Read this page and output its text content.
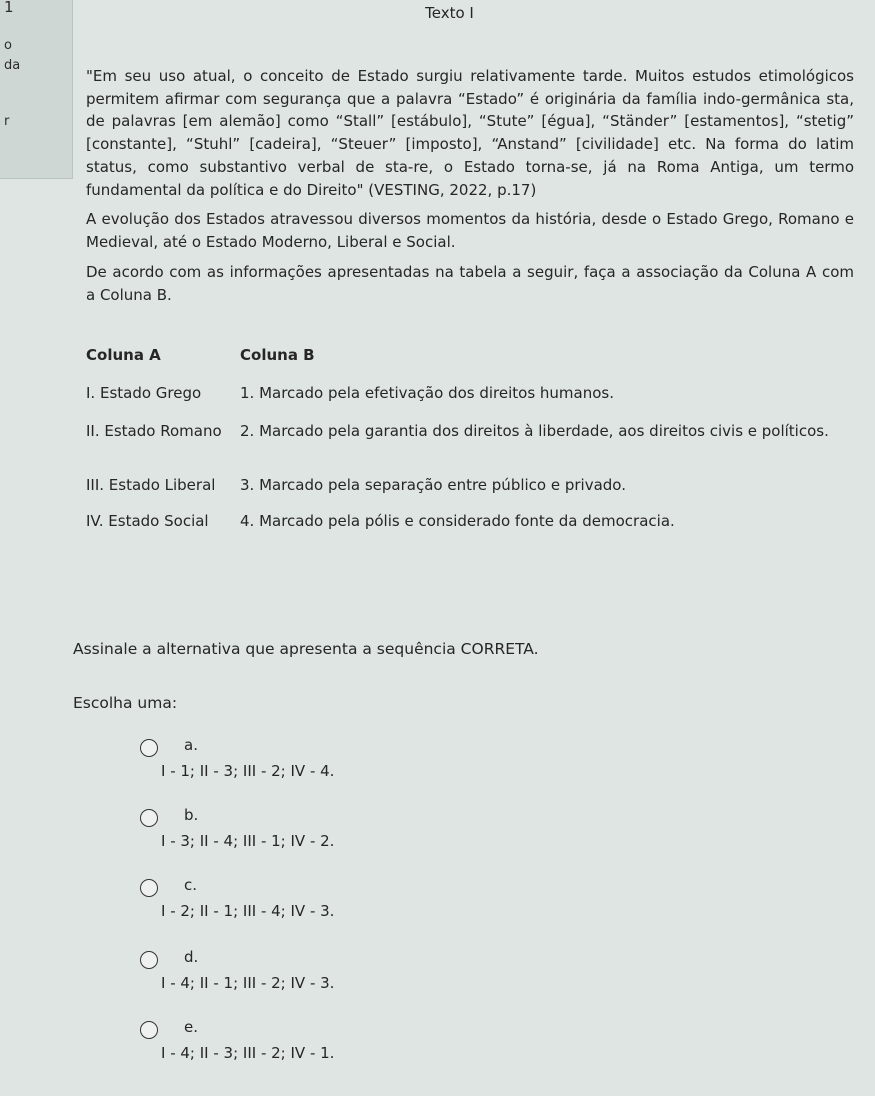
1
o
da
r
Texto I
"Em seu uso atual, o conceito de Estado surgiu relativamente tarde. Muitos estudos etimológicos permitem afirmar com segurança que a palavra “Estado” é originária da família indo-germânica sta, de palavras [em alemão] como “Stall” [estábulo], “Stute” [égua], “Ständer” [estamentos], “stetig” [constante], “Stuhl” [cadeira], “Steuer” [imposto], “Anstand” [civilidade] etc. Na forma do latim status, como substantivo verbal de sta-re, o Estado torna-se, já na Roma Antiga, um termo fundamental da política e do Direito" (VESTING, 2022, p.17)
A evolução dos Estados atravessou diversos momentos da história, desde o Estado Grego, Romano e Medieval, até o Estado Moderno, Liberal e Social.
De acordo com as informações apresentadas na tabela a seguir, faça a associação da Coluna A com a Coluna B.
Coluna A	Coluna B
I. Estado Grego	1. Marcado pela efetivação dos direitos humanos.
II. Estado Romano	2. Marcado pela garantia dos direitos à liberdade, aos direitos civis e políticos.
III. Estado Liberal	3. Marcado pela separação entre público e privado.
IV. Estado Social	4. Marcado pela pólis e considerado fonte da democracia.
Assinale a alternativa que apresenta a sequência CORRETA.
Escolha uma:
a.
I - 1; II - 3; III - 2; IV - 4.
b.
I - 3; II - 4; III - 1; IV - 2.
c.
I - 2; II - 1; III - 4; IV - 3.
d.
I - 4; II - 1; III - 2; IV - 3.
e.
I - 4; II - 3; III - 2; IV - 1.
